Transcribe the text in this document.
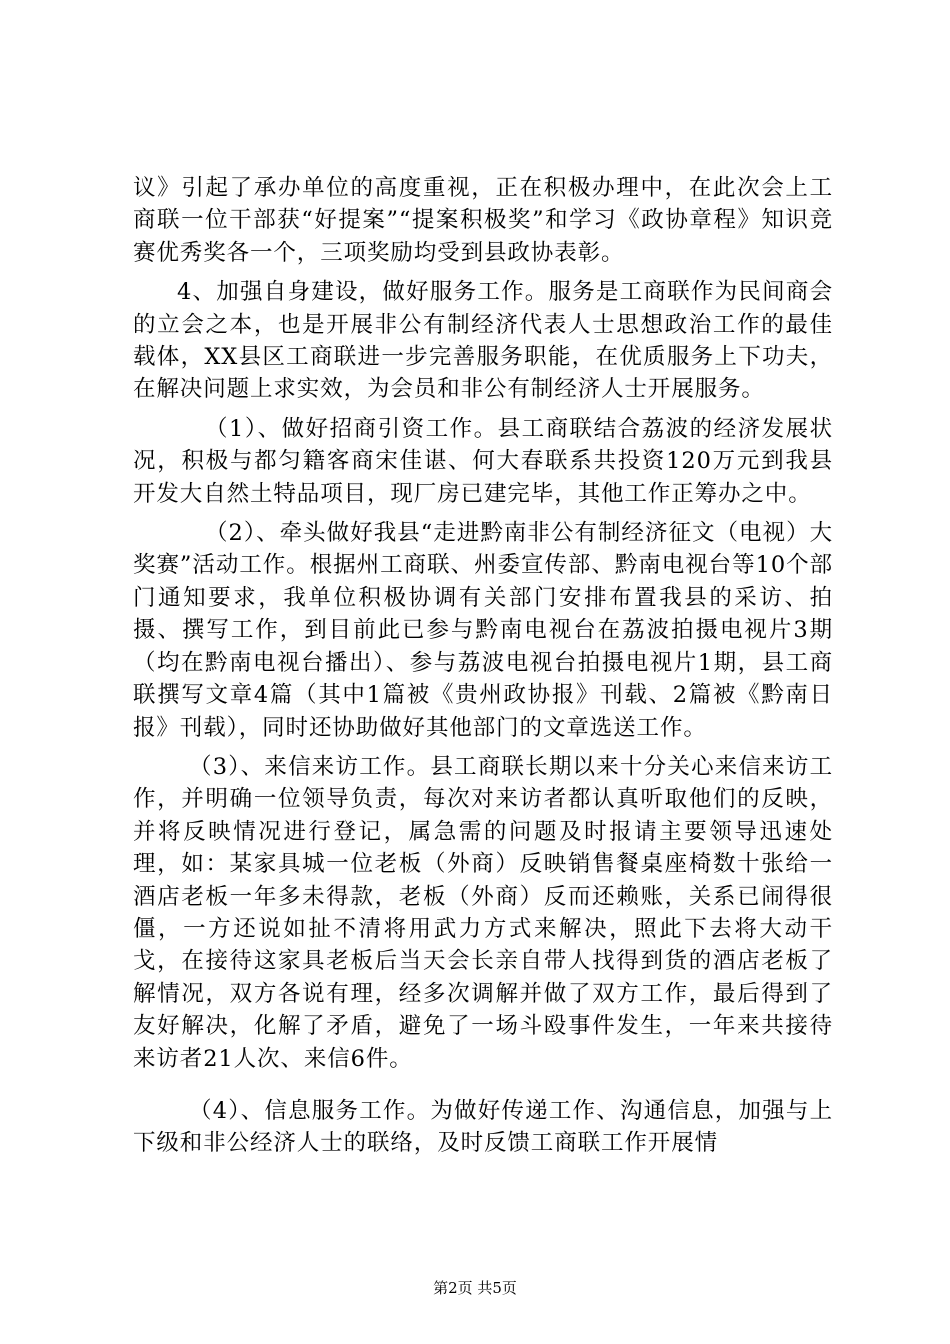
议》引起了承办单位的高度重视，正在积极办理中，在此次会上工商联一位干部获“好提案”“提案积极奖”和学习《政协章程》知识竞赛优秀奖各一个，三项奖励均受到县政协表彰。

4、加强自身建设，做好服务工作。服务是工商联作为民间商会的立会之本，也是开展非公有制经济代表人士思想政治工作的最佳载体，XX县区工商联进一步完善服务职能，在优质服务上下功夫，在解决问题上求实效，为会员和非公有制经济人士开展服务。

（1）、做好招商引资工作。县工商联结合荔波的经济发展状况，积极与都匀籍客商宋佳谌、何大春联系共投资120万元到我县开发大自然土特品项目，现厂房已建完毕，其他工作正筹办之中。

（2）、牵头做好我县“走进黔南非公有制经济征文（电视）大奖赛”活动工作。根据州工商联、州委宣传部、黔南电视台等10个部门通知要求，我单位积极协调有关部门安排布置我县的采访、拍摄、撰写工作，到目前此已参与黔南电视台在荔波拍摄电视片3期（均在黔南电视台播出）、参与荔波电视台拍摄电视片1期，县工商联撰写文章4篇（其中1篇被《贵州政协报》刊载、2篇被《黔南日报》刊载），同时还协助做好其他部门的文章选送工作。

（3）、来信来访工作。县工商联长期以来十分关心来信来访工作，并明确一位领导负责，每次对来访者都认真听取他们的反映，并将反映情况进行登记，属急需的问题及时报请主要领导迅速处理，如：某家具城一位老板（外商）反映销售餐桌座椅数十张给一酒店老板一年多未得款，老板（外商）反而还赖账，关系已闹得很僵，一方还说如扯不清将用武力方式来解决，照此下去将大动干戈，在接待这家具老板后当天会长亲自带人找得到货的酒店老板了解情况，双方各说有理，经多次调解并做了双方工作，最后得到了友好解决，化解了矛盾，避免了一场斗殴事件发生，一年来共接待来访者21人次、来信6件。

（4）、信息服务工作。为做好传递工作、沟通信息，加强与上下级和非公经济人士的联络，及时反馈工商联工作开展情

第2页 共5页
